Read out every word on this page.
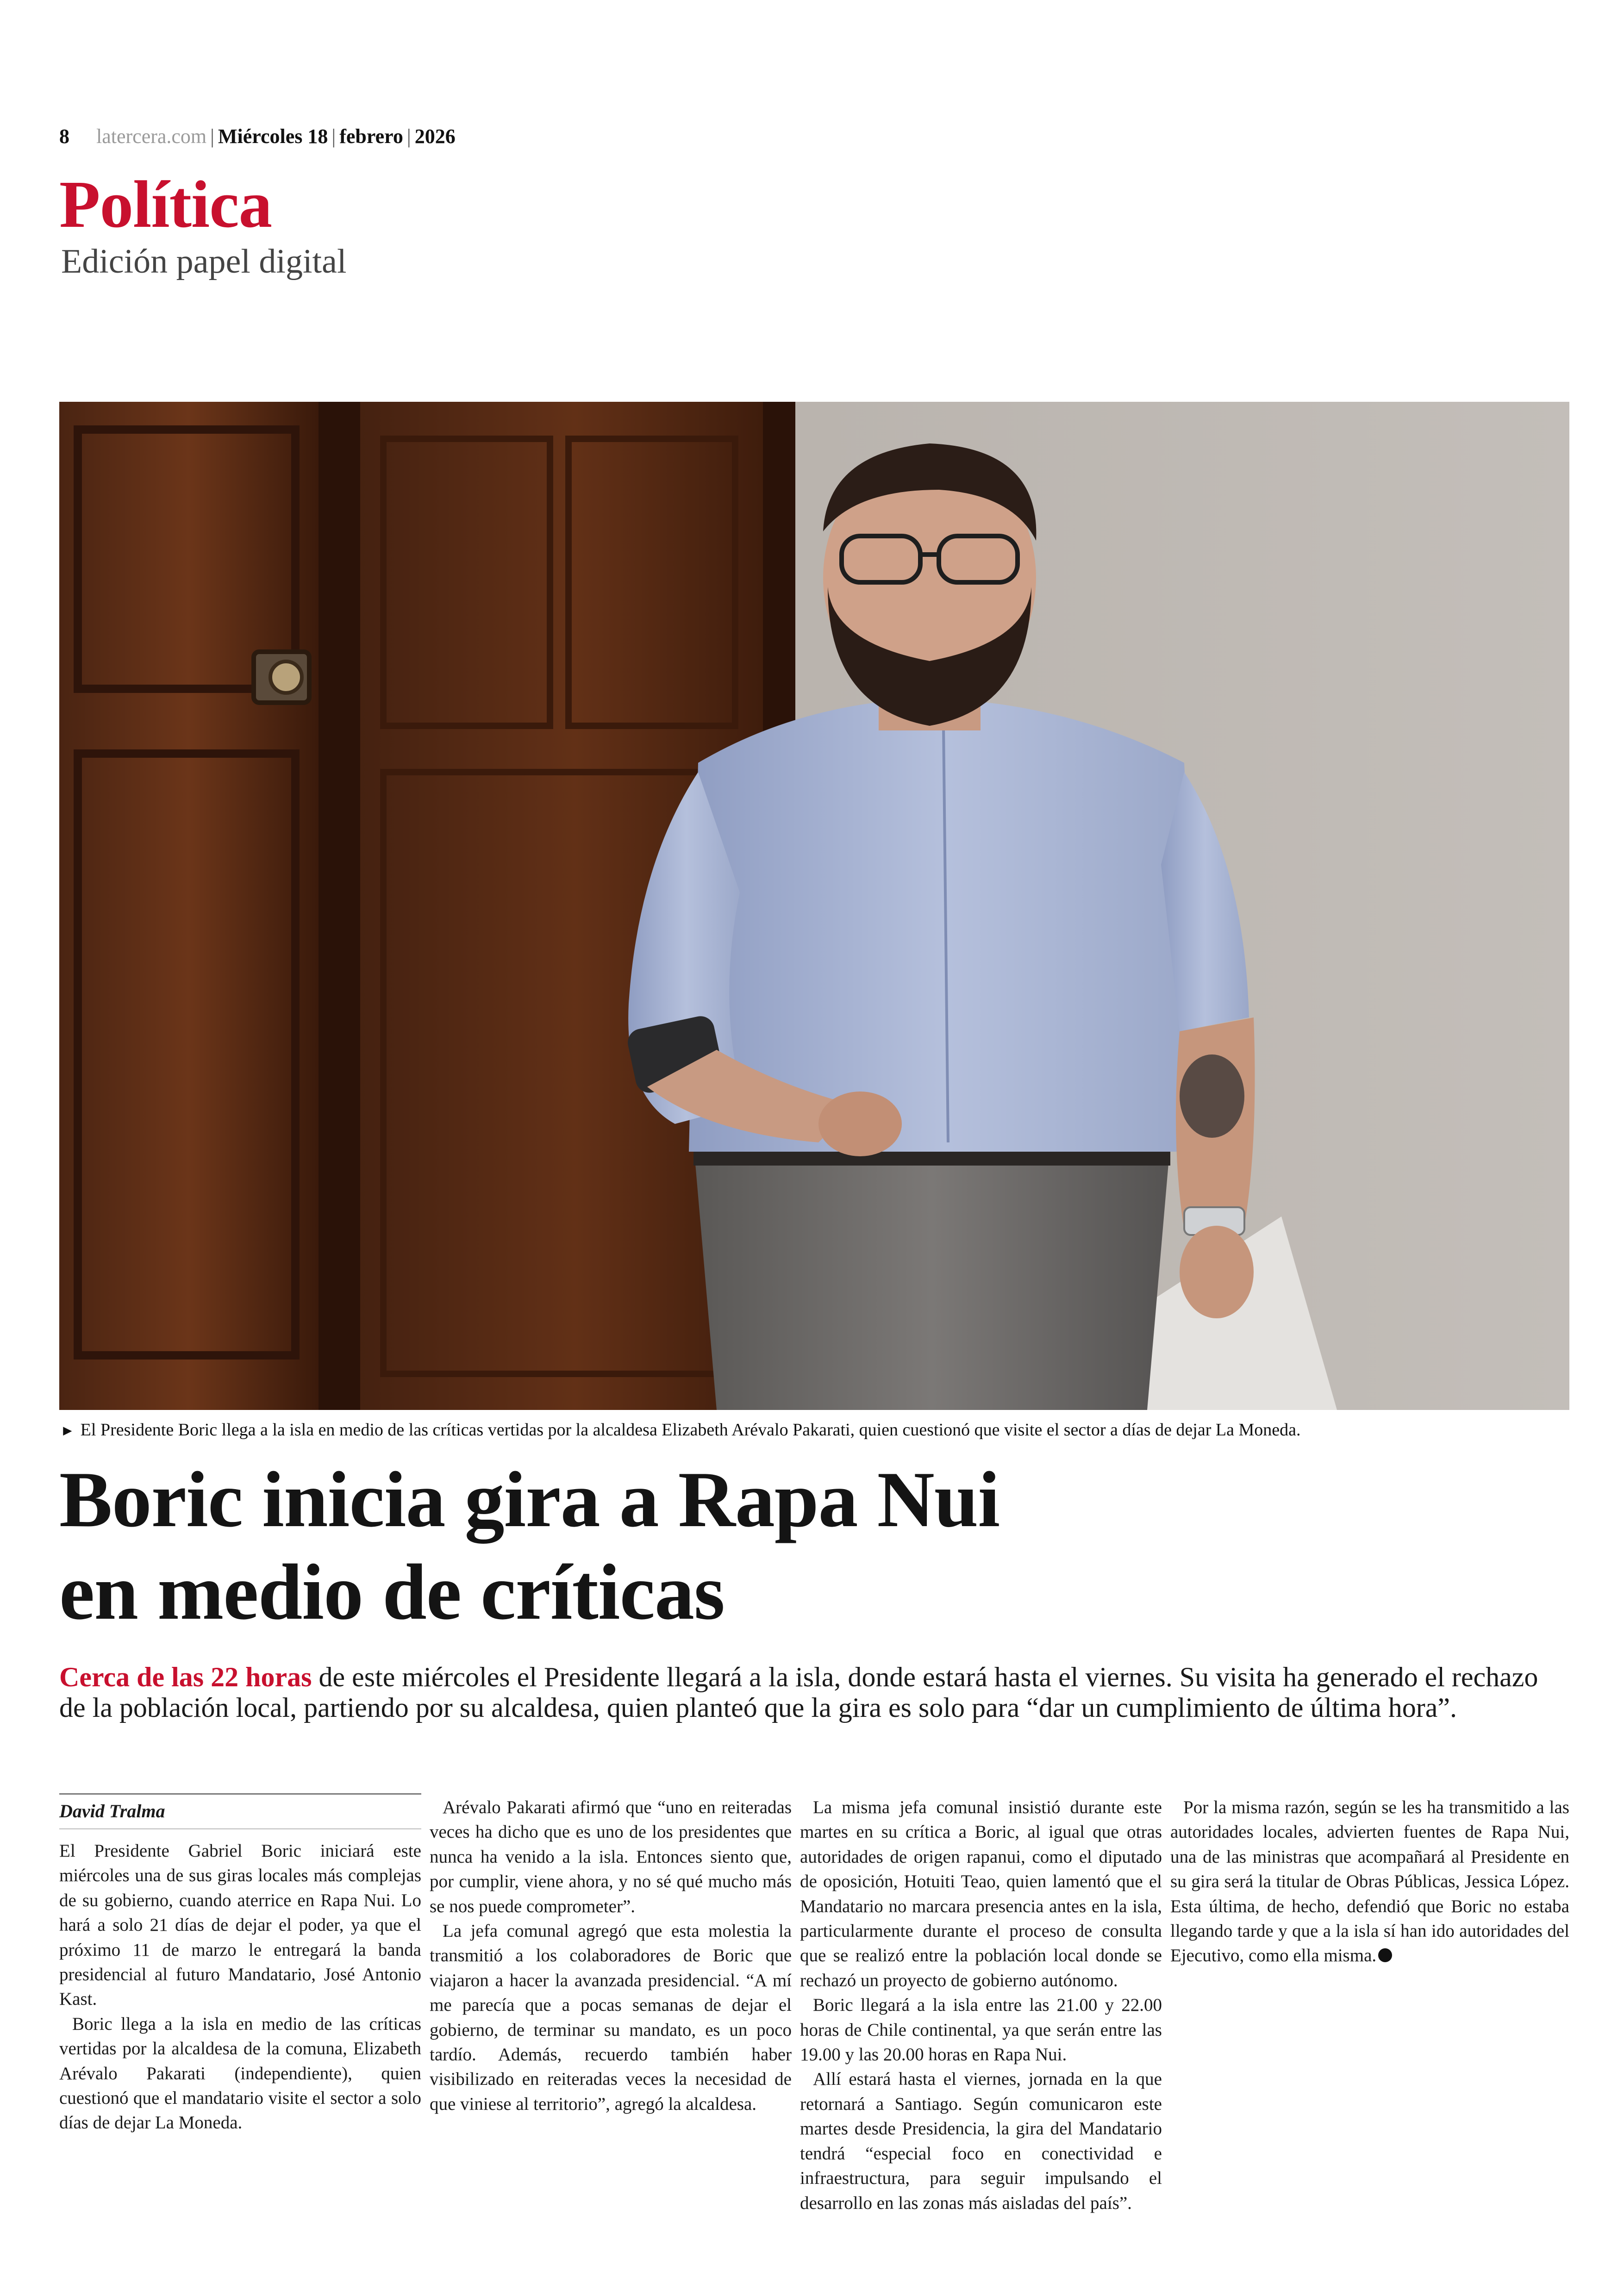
8 latercera.com | Miércoles 18 | febrero | 2026
Política
Edición papel digital
► El Presidente Boric llega a la isla en medio de las críticas vertidas por la alcaldesa Elizabeth Arévalo Pakarati, quien cuestionó que visite el sector a días de dejar La Moneda.
Boric inicia gira a Rapa Nui
en medio de críticas
Cerca de las 22 horas de este miércoles el Presidente llegará a la isla, donde estará hasta el viernes. Su visita ha generado el rechazo de la población local, partiendo por su alcaldesa, quien planteó que la gira es solo para “dar un cumplimiento de última hora”.
David Tralma

El Presidente Gabriel Boric iniciará este miércoles una de sus giras locales más complejas de su gobierno, cuando aterrice en Rapa Nui. Lo hará a solo 21 días de dejar el poder, ya que el próximo 11 de marzo le entregará la banda presidencial al futuro Mandatario, José Antonio Kast.

Boric llega a la isla en medio de las críticas vertidas por la alcaldesa de la comuna, Elizabeth Arévalo Pakarati (independiente), quien cuestionó que el mandatario visite el sector a solo días de dejar La Moneda.

Arévalo Pakarati afirmó que “uno en reiteradas veces ha dicho que es uno de los presidentes que nunca ha venido a la isla. Entonces siento que, por cumplir, viene ahora, y no sé qué mucho más se nos puede comprometer”.

La jefa comunal agregó que esta molestia la transmitió a los colaboradores de Boric que viajaron a hacer la avanzada presidencial. “A mí me parecía que a pocas semanas de dejar el gobierno, de terminar su mandato, es un poco tardío. Además, recuerdo también haber visibilizado en reiteradas veces la necesidad de que viniese al territorio”, agregó la alcaldesa.

La misma jefa comunal insistió durante este martes en su crítica a Boric, al igual que otras autoridades de origen rapanui, como el diputado de oposición, Hotuiti Teao, quien lamentó que el Mandatario no marcara presencia antes en la isla, particularmente durante el proceso de consulta que se realizó entre la población local donde se rechazó un proyecto de gobierno autónomo.

Boric llegará a la isla entre las 21.00 y 22.00 horas de Chile continental, ya que serán entre las 19.00 y las 20.00 horas en Rapa Nui.

Allí estará hasta el viernes, jornada en la que retornará a Santiago. Según comunicaron este martes desde Presidencia, la gira del Mandatario tendrá “especial foco en conectividad e infraestructura, para seguir impulsando el desarrollo en las zonas más aisladas del país”.

Por la misma razón, según se les ha transmitido a las autoridades locales, advierten fuentes de Rapa Nui, una de las ministras que acompañará al Presidente en su gira será la titular de Obras Públicas, Jessica López. Esta última, de hecho, defendió que Boric no estaba llegando tarde y que a la isla sí han ido autoridades del Ejecutivo, como ella misma.
